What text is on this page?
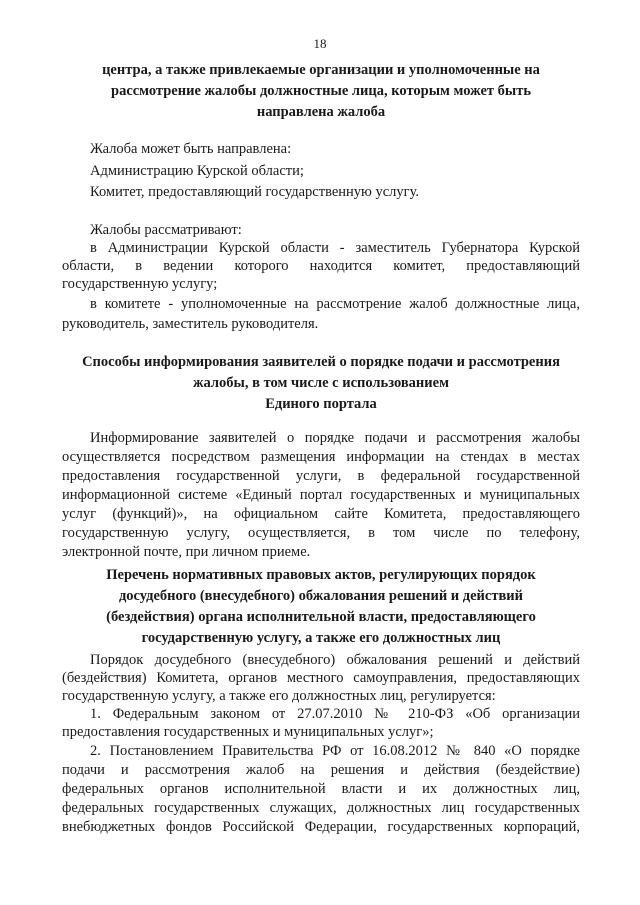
18
центра, а также привлекаемые организации и уполномоченные на
рассмотрение жалобы должностные лица, которым может быть
направлена жалоба
Жалоба может быть направлена:
Администрацию Курской области;
Комитет, предоставляющий государственную услугу.
Жалобы рассматривают:
в Администрации Курской области - заместитель Губернатора Курской
области, в ведении которого находится комитет, предоставляющий
государственную услугу;
в комитете - уполномоченные на рассмотрение жалоб должностные лица,
руководитель, заместитель руководителя.
Способы информирования заявителей о порядке подачи и рассмотрения
жалобы, в том числе с использованием
Единого портала
Информирование заявителей о порядке подачи и рассмотрения жалобы
осуществляется посредством размещения информации на стендах в местах
предоставления государственной услуги, в федеральной государственной
информационной системе «Единый портал государственных и муниципальных
услуг (функций)», на официальном сайте Комитета, предоставляющего
государственную услугу, осуществляется, в том числе по телефону,
электронной почте, при личном приеме.
Перечень нормативных правовых актов, регулирующих порядок
досудебного (внесудебного) обжалования решений и действий
(бездействия) органа исполнительной власти, предоставляющего
государственную услугу, а также его должностных лиц
Порядок досудебного (внесудебного) обжалования решений и действий
(бездействия) Комитета, органов местного самоуправления, предоставляющих
государственную услугу, а также его должностных лиц, регулируется:
1. Федеральным законом от 27.07.2010 № 210-ФЗ «Об организации
предоставления государственных и муниципальных услуг»;
2. Постановлением Правительства РФ от 16.08.2012 № 840 «О порядке
подачи и рассмотрения жалоб на решения и действия (бездействие)
федеральных органов исполнительной власти и их должностных лиц,
федеральных государственных служащих, должностных лиц государственных
внебюджетных фондов Российской Федерации, государственных корпораций,
